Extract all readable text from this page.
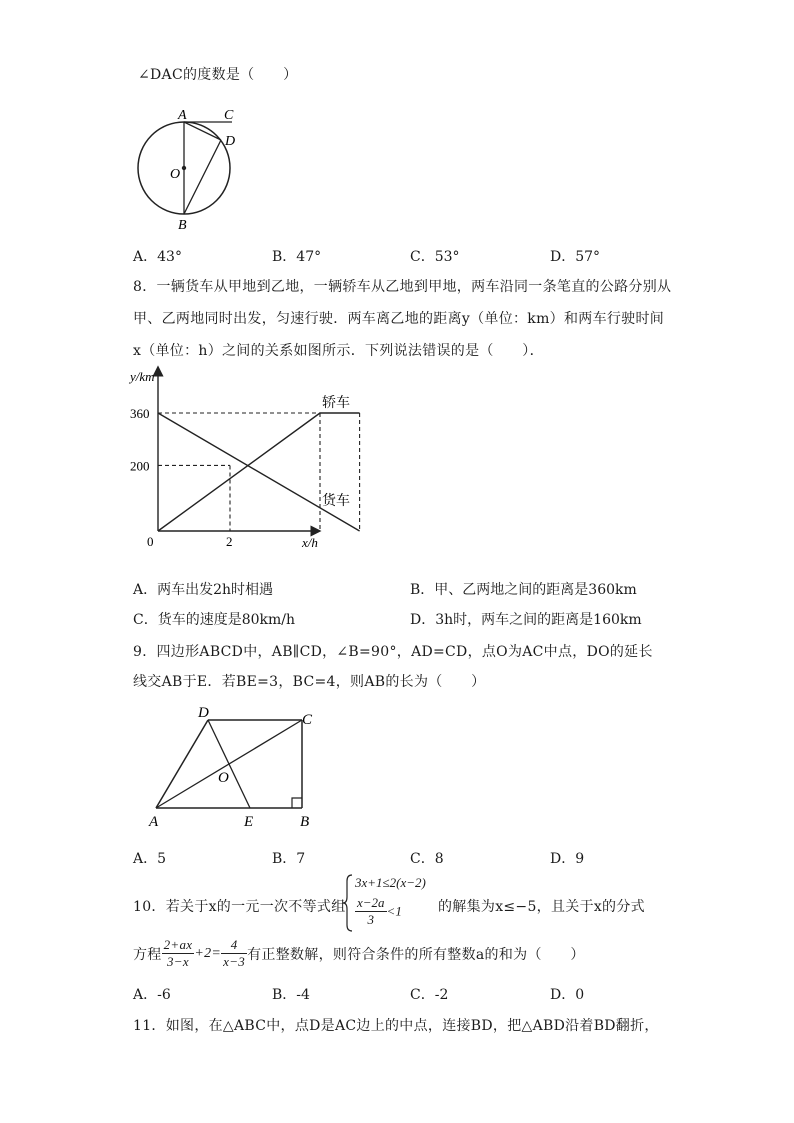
∠DAC的度数是（　　）
A	C
D
O
B
A．43°	B．47°	C．53°	D．57°
8．一辆货车从甲地到乙地，一辆轿车从乙地到甲地，两车沿同一条笔直的公路分别从
甲、乙两地同时出发，匀速行驶．两车离乙地的距离y（单位：km）和两车行驶时间
x（单位：h）之间的关系如图所示．下列说法错误的是（　　）．
360
200
2
轿车
货车
y/km
x/h
0
A．两车出发2h时相遇	B．甲、乙两地之间的距离是360km
C．货车的速度是80km/h	D．3h时，两车之间的距离是160km
9．四边形ABCD中，AB∥CD，∠B=90°，AD=CD，点O为AC中点，DO的延长
线交AB于E．若BE=3，BC=4，则AB的长为（　　）
D	C
O
A	E	B
A．5	B．7	C．8	D．9
10．若关于x的一元一次不等式组
3x+1≤2(x−2)
$\frac{x-2a}{3} <1$	的解集为x≤−5，且关于x的分式
方程 $\frac{2+ax}{3-x} +2= \frac{4}{x-3}$ 有正整数解，则符合条件的所有整数a的和为（　　）
A．-6	B．-4	C．-2	D．0
11．如图，在△ABC中，点D是AC边上的中点，连接BD，把△ABD沿着BD翻折，
